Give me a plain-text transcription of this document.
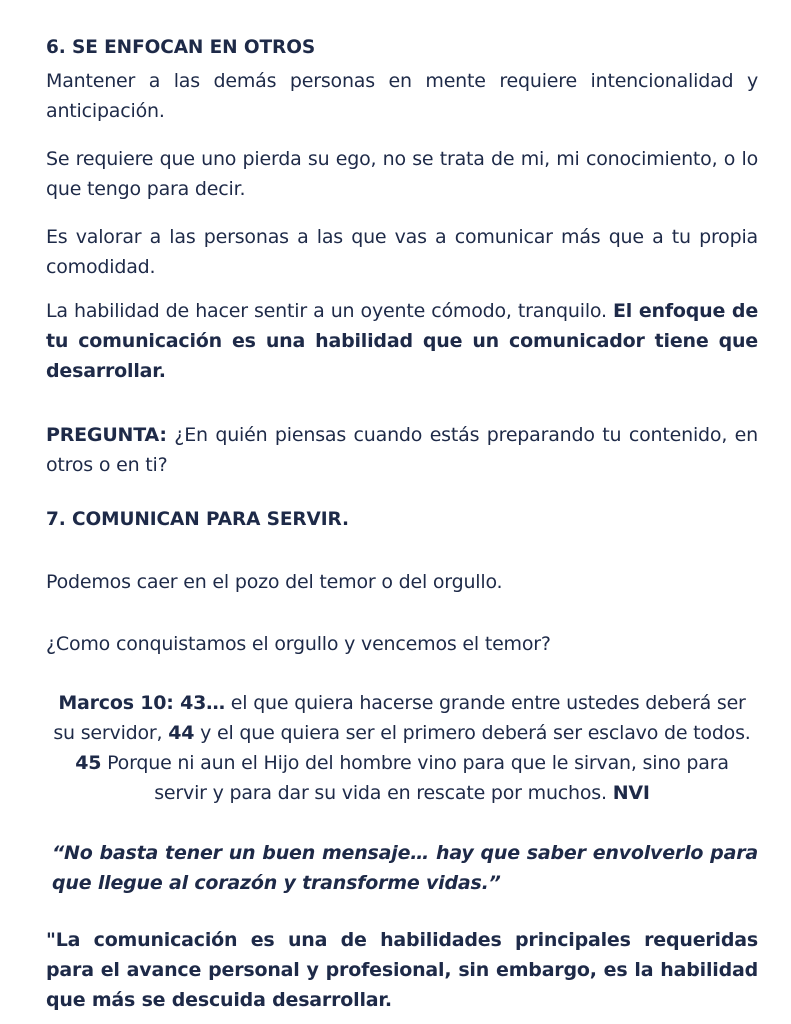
6. SE ENFOCAN EN OTROS

Mantener a las demás personas en mente requiere intencionalidad y anticipación.

Se requiere que uno pierda su ego, no se trata de mi, mi conocimiento, o lo que tengo para decir.

Es valorar a las personas a las que vas a comunicar más que a tu propia comodidad.

La habilidad de hacer sentir a un oyente cómodo, tranquilo. El enfoque de tu comunicación es una habilidad que un comunicador tiene que desarrollar.

PREGUNTA: ¿En quién piensas cuando estás preparando tu contenido, en otros o en ti?

7. COMUNICAN PARA SERVIR.

Podemos caer en el pozo del temor o del orgullo.

¿Como conquistamos el orgullo y vencemos el temor?

Marcos 10: 43… el que quiera hacerse grande entre ustedes deberá ser su servidor, 44 y el que quiera ser el primero deberá ser esclavo de todos. 45 Porque ni aun el Hijo del hombre vino para que le sirvan, sino para servir y para dar su vida en rescate por muchos. NVI

“No basta tener un buen mensaje… hay que saber envolverlo para que llegue al corazón y transforme vidas.”

"La comunicación es una de habilidades principales requeridas para el avance personal y profesional, sin embargo, es la habilidad que más se descuida desarrollar.
